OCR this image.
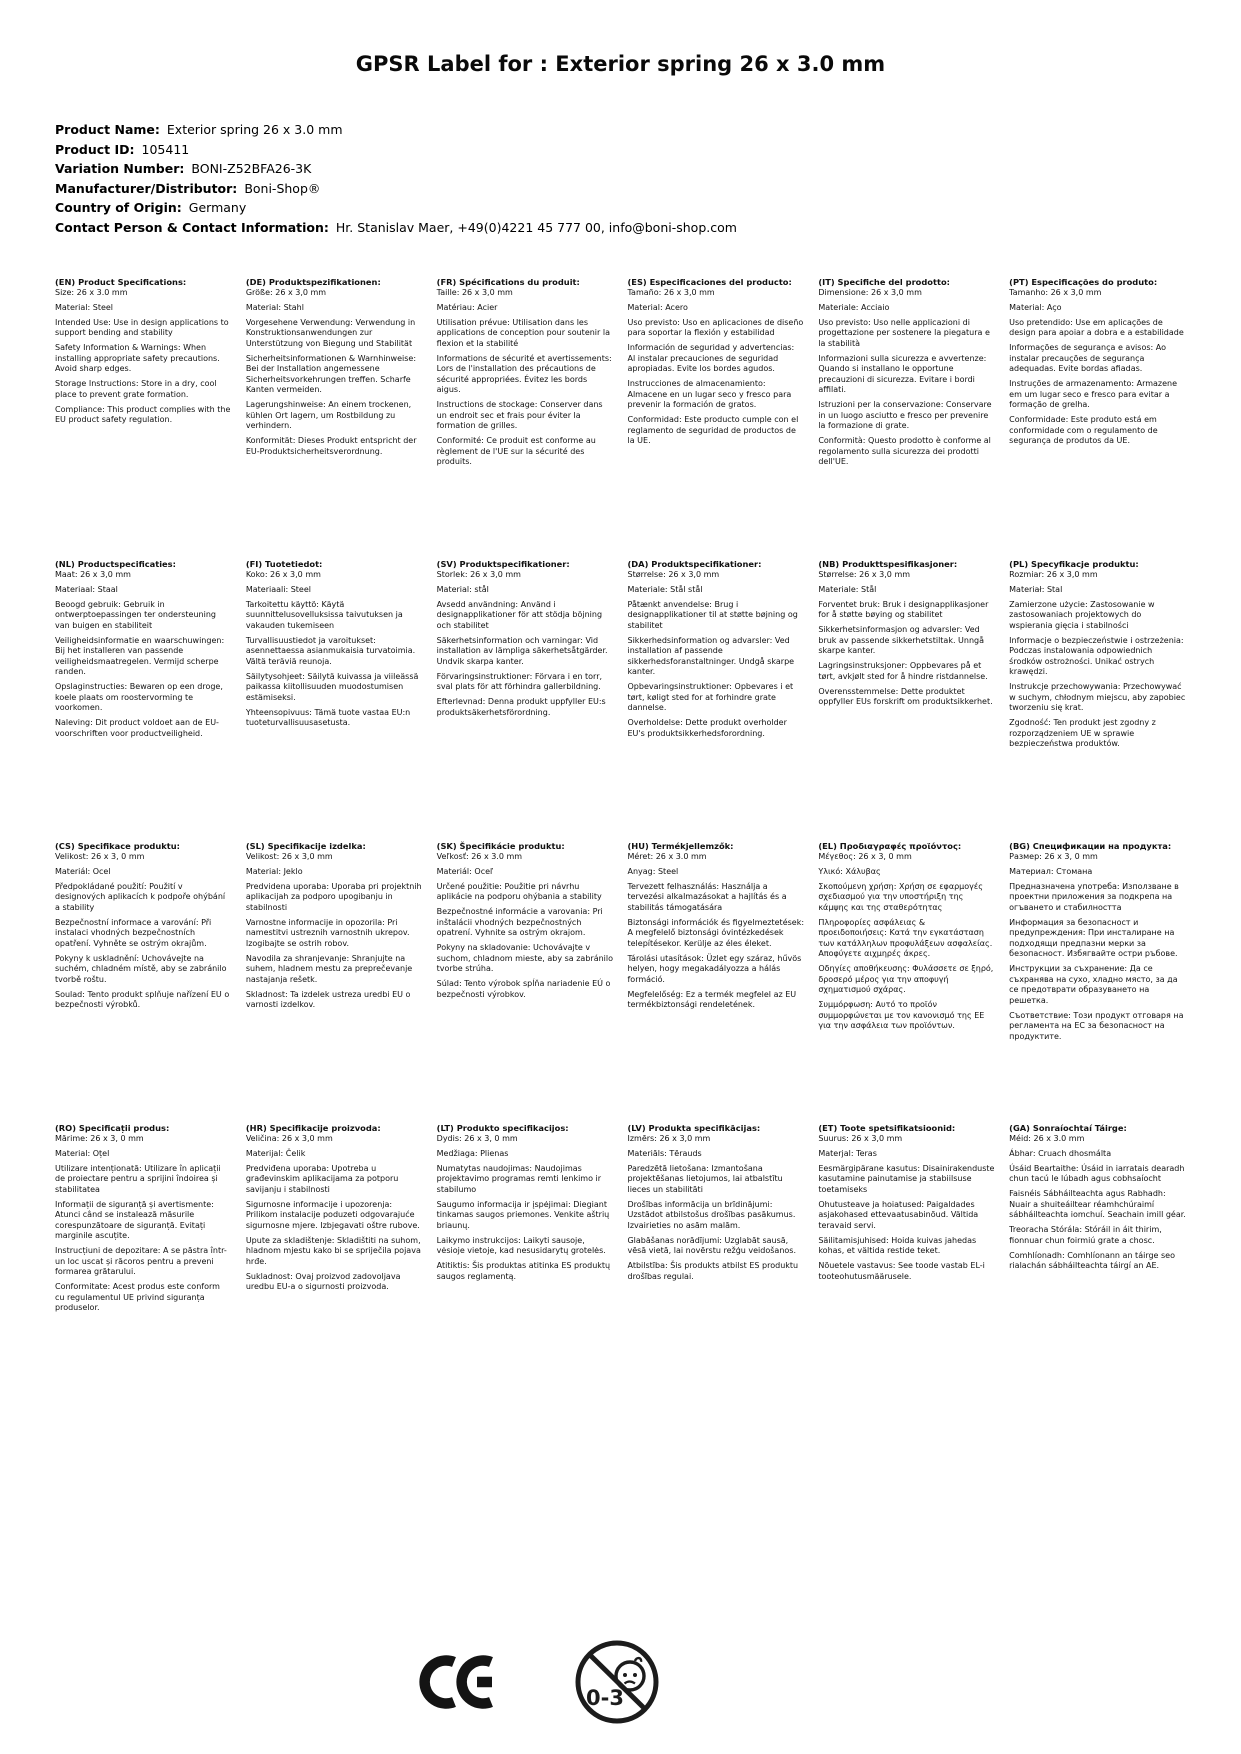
GPSR Label for : Exterior spring 26 x 3.0 mm
Product Name: Exterior spring 26 x 3.0 mm
Product ID: 105411
Variation Number: BONI-Z52BFA26-3K
Manufacturer/Distributor: Boni-Shop®
Country of Origin: Germany
Contact Person & Contact Information: Hr. Stanislav Maer, +49(0)4221 45 777 00, info@boni-shop.com
(EN) Product Specifications:
Size: 26 x 3.0 mm
Material: Steel
Intended Use: Use in design applications to support bending and stability
Safety Information & Warnings: When installing appropriate safety precautions. Avoid sharp edges.
Storage Instructions: Store in a dry, cool place to prevent grate formation.
Compliance: This product complies with the EU product safety regulation.
(DE) Produktspezifikationen:
Größe: 26 x 3,0 mm
Material: Stahl
Vorgesehene Verwendung: Verwendung in Konstruktionsanwendungen zur Unterstützung von Biegung und Stabilität
Sicherheitsinformationen & Warnhinweise: Bei der Installation angemessene Sicherheitsvorkehrungen treffen. Scharfe Kanten vermeiden.
Lagerungshinweise: An einem trockenen, kühlen Ort lagern, um Rostbildung zu verhindern.
Konformität: Dieses Produkt entspricht der EU-Produktsicherheitsverordnung.
(FR) Spécifications du produit:
Taille: 26 x 3,0 mm
Matériau: Acier
Utilisation prévue: Utilisation dans les applications de conception pour soutenir la flexion et la stabilité
Informations de sécurité et avertissements: Lors de l'installation des précautions de sécurité appropriées. Évitez les bords aigus.
Instructions de stockage: Conserver dans un endroit sec et frais pour éviter la formation de grilles.
Conformité: Ce produit est conforme au règlement de l'UE sur la sécurité des produits.
(ES) Especificaciones del producto:
Tamaño: 26 x 3,0 mm
Material: Acero
Uso previsto: Uso en aplicaciones de diseño para soportar la flexión y estabilidad
Información de seguridad y advertencias: Al instalar precauciones de seguridad apropiadas. Evite los bordes agudos.
Instrucciones de almacenamiento: Almacene en un lugar seco y fresco para prevenir la formación de gratos.
Conformidad: Este producto cumple con el reglamento de seguridad de productos de la UE.
(IT) Specifiche del prodotto:
Dimensione: 26 x 3,0 mm
Materiale: Acciaio
Uso previsto: Uso nelle applicazioni di progettazione per sostenere la piegatura e la stabilità
Informazioni sulla sicurezza e avvertenze: Quando si installano le opportune precauzioni di sicurezza. Evitare i bordi affilati.
Istruzioni per la conservazione: Conservare in un luogo asciutto e fresco per prevenire la formazione di grate.
Conformità: Questo prodotto è conforme al regolamento sulla sicurezza dei prodotti dell'UE.
(PT) Especificações do produto:
Tamanho: 26 x 3,0 mm
Material: Aço
Uso pretendido: Use em aplicações de design para apoiar a dobra e a estabilidade
Informações de segurança e avisos: Ao instalar precauções de segurança adequadas. Evite bordas afiadas.
Instruções de armazenamento: Armazene em um lugar seco e fresco para evitar a formação de grelha.
Conformidade: Este produto está em conformidade com o regulamento de segurança de produtos da UE.
(NL) Productspecificaties:
Maat: 26 x 3,0 mm
Materiaal: Staal
Beoogd gebruik: Gebruik in ontwerptoepassingen ter ondersteuning van buigen en stabiliteit
Veiligheidsinformatie en waarschuwingen: Bij het installeren van passende veiligheidsmaatregelen. Vermijd scherpe randen.
Opslaginstructies: Bewaren op een droge, koele plaats om roostervorming te voorkomen.
Naleving: Dit product voldoet aan de EU-voorschriften voor productveiligheid.
(FI) Tuotetiedot:
Koko: 26 x 3,0 mm
Materiaali: Steel
Tarkoitettu käyttö: Käytä suunnittelusovelluksissa taivutuksen ja vakauden tukemiseen
Turvallisuustiedot ja varoitukset: asennettaessa asianmukaisia turvatoimia. Vältä teräviä reunoja.
Säilytysohjeet: Säilytä kuivassa ja viileässä paikassa kiitollisuuden muodostumisen estämiseksi.
Yhteensopivuus: Tämä tuote vastaa EU:n tuoteturvallisuusasetusta.
(SV) Produktspecifikationer:
Storlek: 26 x 3,0 mm
Material: stål
Avsedd användning: Använd i designapplikationer för att stödja böjning och stabilitet
Säkerhetsinformation och varningar: Vid installation av lämpliga säkerhetsåtgärder. Undvik skarpa kanter.
Förvaringsinstruktioner: Förvara i en torr, sval plats för att förhindra gallerbildning.
Efterlevnad: Denna produkt uppfyller EU:s produktsäkerhetsförordning.
(DA) Produktspecifikationer:
Størrelse: 26 x 3,0 mm
Materiale: Stål stål
Påtænkt anvendelse: Brug i designapplikationer til at støtte bøjning og stabilitet
Sikkerhedsinformation og advarsler: Ved installation af passende sikkerhedsforanstaltninger. Undgå skarpe kanter.
Opbevaringsinstruktioner: Opbevares i et tørt, køligt sted for at forhindre grate dannelse.
Overholdelse: Dette produkt overholder EU's produktsikkerhedsforordning.
(NB) Produkttspesifikasjoner:
Størrelse: 26 x 3,0 mm
Materiale: Stål
Forventet bruk: Bruk i designapplikasjoner for å støtte bøying og stabilitet
Sikkerhetsinformasjon og advarsler: Ved bruk av passende sikkerhetstiltak. Unngå skarpe kanter.
Lagringsinstruksjoner: Oppbevares på et tørt, avkjølt sted for å hindre ristdannelse.
Overensstemmelse: Dette produktet oppfyller EUs forskrift om produktsikkerhet.
(PL) Specyfikacje produktu:
Rozmiar: 26 x 3,0 mm
Materiał: Stal
Zamierzone użycie: Zastosowanie w zastosowaniach projektowych do wspierania gięcia i stabilności
Informacje o bezpieczeństwie i ostrzeżenia: Podczas instalowania odpowiednich środków ostrożności. Unikać ostrych krawędzi.
Instrukcje przechowywania: Przechowywać w suchym, chłodnym miejscu, aby zapobiec tworzeniu się krat.
Zgodność: Ten produkt jest zgodny z rozporządzeniem UE w sprawie bezpieczeństwa produktów.
(CS) Specifikace produktu:
Velikost: 26 x 3, 0 mm
Materiál: Ocel
Předpokládané použití: Použití v designových aplikacích k podpoře ohýbání a stability
Bezpečnostní informace a varování: Při instalaci vhodných bezpečnostních opatření. Vyhněte se ostrým okrajům.
Pokyny k uskladnění: Uchovávejte na suchém, chladném místě, aby se zabránilo tvorbě roštu.
Soulad: Tento produkt splňuje nařízení EU o bezpečnosti výrobků.
(SL) Specifikacije izdelka:
Velikost: 26 x 3,0 mm
Material: Jeklo
Predvidena uporaba: Uporaba pri projektnih aplikacijah za podporo upogibanju in stabilnosti
Varnostne informacije in opozorila: Pri namestitvi ustreznih varnostnih ukrepov. Izogibajte se ostrih robov.
Navodila za shranjevanje: Shranjujte na suhem, hladnem mestu za preprečevanje nastajanja rešetk.
Skladnost: Ta izdelek ustreza uredbi EU o varnosti izdelkov.
(SK) Špecifikácie produktu:
Veľkosť: 26 x 3.0 mm
Materiál: Oceľ
Určené použitie: Použitie pri návrhu aplikácie na podporu ohýbania a stability
Bezpečnostné informácie a varovania: Pri inštalácii vhodných bezpečnostných opatrení. Vyhnite sa ostrým okrajom.
Pokyny na skladovanie: Uchovávajte v suchom, chladnom mieste, aby sa zabránilo tvorbe strúha.
Súlad: Tento výrobok spĺňa nariadenie EÚ o bezpečnosti výrobkov.
(HU) Termékjellemzők:
Méret: 26 x 3.0 mm
Anyag: Steel
Tervezett felhasználás: Használja a tervezési alkalmazásokat a hajlítás és a stabilitás támogatására
Biztonsági információk és figyelmeztetések: A megfelelő biztonsági óvintézkedések telepítésekor. Kerülje az éles éleket.
Tárolási utasítások: Üzlet egy száraz, hűvös helyen, hogy megakadályozza a hálás formáció.
Megfelelőség: Ez a termék megfelel az EU termékbiztonsági rendeletének.
(EL) Προδιαγραφές προϊόντος:
Μέγεθος: 26 x 3, 0 mm
Υλικό: Χάλυβας
Σκοπούμενη χρήση: Χρήση σε εφαρμογές σχεδιασμού για την υποστήριξη της κάμψης και της σταθερότητας
Πληροφορίες ασφάλειας & προειδοποιήσεις: Κατά την εγκατάσταση των κατάλληλων προφυλάξεων ασφαλείας. Αποφύγετε αιχμηρές άκρες.
Οδηγίες αποθήκευσης: Φυλάσσετε σε ξηρό, δροσερό μέρος για την αποφυγή σχηματισμού σχάρας.
Συμμόρφωση: Αυτό το προϊόν συμμορφώνεται με τον κανονισμό της ΕΕ για την ασφάλεια των προϊόντων.
(BG) Спецификации на продукта:
Размер: 26 x 3, 0 mm
Материал: Стомана
Предназначена употреба: Използване в проектни приложения за подкрепа на огъването и стабилността
Информация за безопасност и предупреждения: При инсталиране на подходящи предпазни мерки за безопасност. Избягвайте остри ръбове.
Инструкции за съхранение: Да се съхранява на сухо, хладно място, за да се предотврати образуването на решетка.
Съответствие: Този продукт отговаря на регламента на ЕС за безопасност на продуктите.
(RO) Specificații produs:
Mărime: 26 x 3, 0 mm
Material: Oțel
Utilizare intenționată: Utilizare în aplicații de proiectare pentru a sprijini îndoirea și stabilitatea
Informații de siguranță și avertismente: Atunci când se instalează măsurile corespunzătoare de siguranță. Evitați marginile ascuțite.
Instrucțiuni de depozitare: A se păstra într-un loc uscat și răcoros pentru a preveni formarea grătarului.
Conformitate: Acest produs este conform cu regulamentul UE privind siguranța produselor.
(HR) Specifikacije proizvoda:
Veličina: 26 x 3,0 mm
Materijal: Čelik
Predviđena uporaba: Upotreba u građevinskim aplikacijama za potporu savijanju i stabilnosti
Sigurnosne informacije i upozorenja: Prilikom instalacije poduzeti odgovarajuće sigurnosne mjere. Izbjegavati oštre rubove.
Upute za skladištenje: Skladištiti na suhom, hladnom mjestu kako bi se spriječila pojava hrđe.
Sukladnost: Ovaj proizvod zadovoljava uredbu EU-a o sigurnosti proizvoda.
(LT) Produkto specifikacijos:
Dydis: 26 x 3, 0 mm
Medžiaga: Plienas
Numatytas naudojimas: Naudojimas projektavimo programas remti lenkimo ir stabilumo
Saugumo informacija ir įspėjimai: Diegiant tinkamas saugos priemones. Venkite aštrių briaunų.
Laikymo instrukcijos: Laikyti sausoje, vėsioje vietoje, kad nesusidarytų grotelės.
Atitiktis: Šis produktas atitinka ES produktų saugos reglamentą.
(LV) Produkta specifikācijas:
Izmērs: 26 x 3,0 mm
Materiāls: Tērauds
Paredzētā lietošana: Izmantošana projektēšanas lietojumos, lai atbalstītu lieces un stabilitāti
Drošības informācija un brīdinājumi: Uzstādot atbilstošus drošības pasākumus. Izvairieties no asām malām.
Glabāšanas norādījumi: Uzglabāt sausā, vēsā vietā, lai novērstu režģu veidošanos.
Atbilstība: Šis produkts atbilst ES produktu drošības regulai.
(ET) Toote spetsifikatsioonid:
Suurus: 26 x 3,0 mm
Materjal: Teras
Eesmärgipärane kasutus: Disainirakenduste kasutamine painutamise ja stabiilsuse toetamiseks
Ohutusteave ja hoiatused: Paigaldades asjakohased ettevaatusabinõud. Vältida teravaid servi.
Säilitamisjuhised: Hoida kuivas jahedas kohas, et vältida restide teket.
Nõuetele vastavus: See toode vastab EL-i tooteohutusmäärusele.
(GA) Sonraíochtaí Táirge:
Méid: 26 x 3.0 mm
Ábhar: Cruach dhosmálta
Úsáid Beartaithe: Úsáid in iarratais dearadh chun tacú le lúbadh agus cobhsaíocht
Faisnéis Sábháilteachta agus Rabhadh: Nuair a shuiteáiltear réamhchúraimí sábháilteachta iomchuí. Seachain imill géar.
Treoracha Stórála: Stóráil in áit thirim, fionnuar chun foirmiú grate a chosc.
Comhlíonadh: Comhlíonann an táirge seo rialachán sábháilteachta táirgí an AE.
0-3
